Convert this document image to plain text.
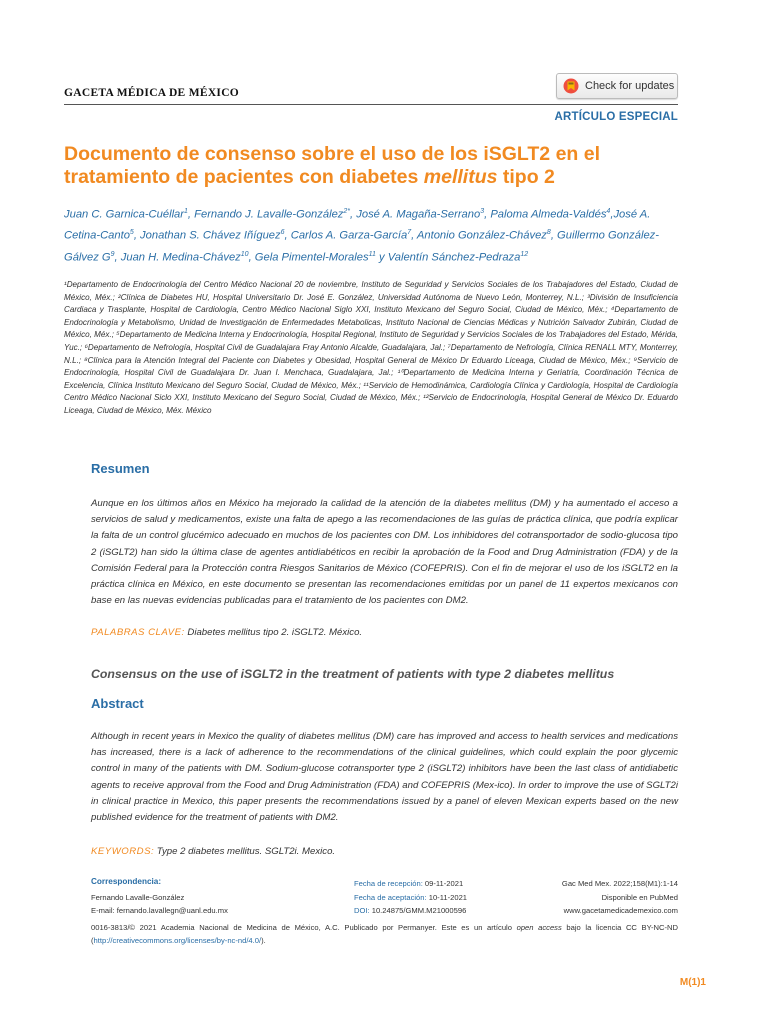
GACETA MÉDICA DE MÉXICO
Check for updates
ARTÍCULO ESPECIAL
Documento de consenso sobre el uso de los iSGLT2 en el tratamiento de pacientes con diabetes mellitus tipo 2
Juan C. Garnica-Cuéllar$^1$, Fernando J. Lavalle-González$^{2*}$, José A. Magaña-Serrano$^3$, Paloma Almeda-Valdés$^4$,José A. Cetina-Canto$^5$, Jonathan S. Chávez Iñíguez$^6$, Carlos A. Garza-García$^7$, Antonio González-Chávez$^8$, Guillermo González-Gálvez $G^9$, Juan H. Medina-Chávez$^{10}$, Gela Pimentel-Morales$^{11}$ y Valentín Sánchez-Pedraza$^{12}$
¹Departamento de Endocrinología del Centro Médico Nacional 20 de noviembre, Instituto de Seguridad y Servicios Sociales de los Trabajadores del Estado, Ciudad de México, Méx.; ²Clínica de Diabetes HU, Hospital Universitario Dr. José E. González, Universidad Autónoma de Nuevo León, Monterrey, N.L.; ³División de Insuficiencia Cardiaca y Trasplante, Hospital de Cardiología, Centro Médico Nacional Siglo XXI, Instituto Mexicano del Seguro Social, Ciudad de México, Méx.; ⁴Departamento de Endocrinología y Metabolismo, Unidad de Investigación de Enfermedades Metabolicas, Instituto Nacional de Ciencias Médicas y Nutrición Salvador Zubirán, Ciudad de México, Méx.; ⁵Departamento de Medicina Interna y Endocrinología, Hospital Regional, Instituto de Seguridad y Servicios Sociales de los Trabajadores del Estado, Mérida, Yuc.; ⁶Departamento de Nefrología, Hospital Civil de Guadalajara Fray Antonio Alcalde, Guadalajara, Jal.; ⁷Departamento de Nefrología, Clínica RENALL MTY, Monterrey, N.L.; ⁸Clínica para la Atención Integral del Paciente con Diabetes y Obesidad, Hospital General de México Dr Eduardo Liceaga, Ciudad de México, Méx.; ⁹Servicio de Endocrinología, Hospital Civil de Guadalajara Dr. Juan I. Menchaca, Guadalajara, Jal.; ¹⁰Departamento de Medicina Interna y Geriatría, Coordinación Técnica de Excelencia, Clínica Instituto Mexicano del Seguro Social, Ciudad de México, Méx.; ¹¹Servicio de Hemodinámica, Cardiología Clínica y Cardiología, Hospital de Cardiología Centro Médico Nacional Siclo XXI, Instituto Mexicano del Seguro Social, Ciudad de México, Méx.; ¹²Servicio de Endocrinología, Hospital General de México Dr. Eduardo Liceaga, Ciudad de México, Méx. México
Resumen
Aunque en los últimos años en México ha mejorado la calidad de la atención de la diabetes mellitus (DM) y ha aumentado el acceso a servicios de salud y medicamentos, existe una falta de apego a las recomendaciones de las guías de práctica clínica, que podría explicar la falta de un control glucémico adecuado en muchos de los pacientes con DM. Los inhibidores del cotransportador de sodio-glucosa tipo 2 (iSGLT2) han sido la última clase de agentes antidiabéticos en recibir la aprobación de la Food and Drug Administration (FDA) y de la Comisión Federal para la Protección contra Riesgos Sanitarios de México (COFEPRIS). Con el fin de mejorar el uso de los iSGLT2 en la práctica clínica en México, en este documento se presentan las recomendaciones emitidas por un panel de 11 expertos mexicanos con base en las nuevas evidencias publicadas para el tratamiento de los pacientes con DM2.
PALABRAS CLAVE: Diabetes mellitus tipo 2. iSGLT2. México.
Consensus on the use of iSGLT2 in the treatment of patients with type 2 diabetes mellitus
Abstract
Although in recent years in Mexico the quality of diabetes mellitus (DM) care has improved and access to health services and medications has increased, there is a lack of adherence to the recommendations of the clinical guidelines, which could explain the poor glycemic control in many of the patients with DM. Sodium-glucose cotransporter type 2 (iSGLT2) inhibitors have been the last class of antidiabetic agents to receive approval from the Food and Drug Administration (FDA) and COFEPRIS (Mex-ico). In order to improve the use of SGLT2i in clinical practice in Mexico, this paper presents the recommendations issued by a panel of eleven Mexican experts based on the new published evidence for the treatment of patients with DM2.
KEYWORDS: Type 2 diabetes mellitus. SGLT2i. Mexico.
Correspondencia:
Fernando Lavalle-González
E-mail: fernando.lavallegn@uanl.edu.mx
Fecha de recepción: 09-11-2021
Fecha de aceptación: 10-11-2021
DOI: 10.24875/GMM.M21000596
Gac Med Mex. 2022;158(M1):1-14
Disponible en PubMed
www.gacetamedicademexico.com
0016-3813/© 2021 Academia Nacional de Medicina de México, A.C. Publicado por Permanyer. Este es un artículo open access bajo la licencia CC BY-NC-ND (http://creativecommons.org/licenses/by-nc-nd/4.0/).
M(1)1
